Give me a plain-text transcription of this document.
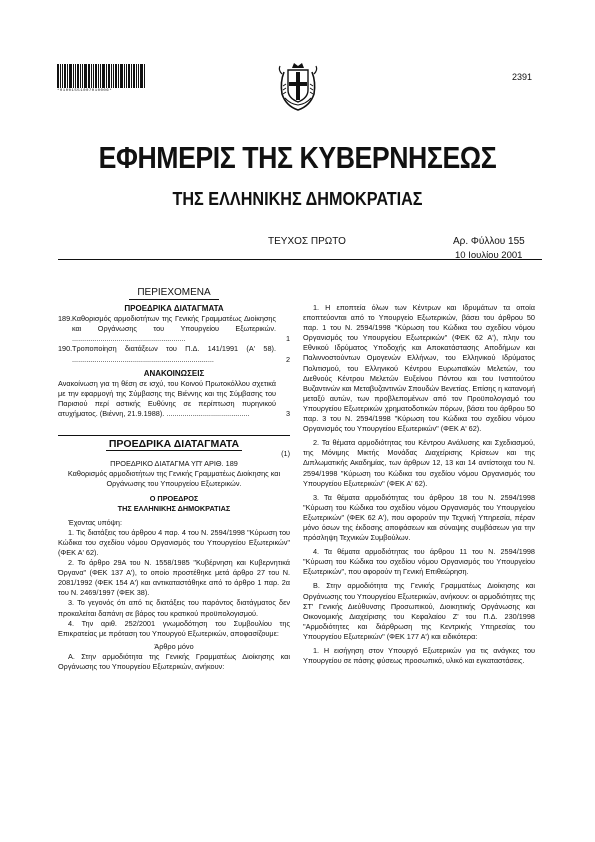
*01001551007010006*
2391
ΕΦΗΜΕΡΙΣ ΤΗΣ ΚΥΒΕΡΝΗΣΕΩΣ
ΤΗΣ ΕΛΛΗΝΙΚΗΣ ΔΗΜΟΚΡΑΤΙΑΣ
ΤΕΥΧΟΣ ΠΡΩΤΟ	Αρ. Φύλλου 155
10 Ιουλίου 2001
ΠΕΡΙΕΧΟΜΕΝΑ
ΠΡΟΕΔΡΙΚΑ ΔΙΑΤΑΓΜΑΤΑ
189. Καθορισμός αρμοδιοτήτων της Γενικής Γραμματέως Διοίκησης και Οργάνωσης του Υπουργείου Εξωτερικών. ........................................................	1
190. Τροποποίηση διατάξεων του Π.Δ. 141/1991 (Α' 58). ......................................................................	2
ΑΝΑΚΟΙΝΩΣΕΙΣ
Ανακοίνωση για τη θέση σε ισχύ, του Κοινού Πρωτοκόλλου σχετικά με την εφαρμογή της Σύμβασης της Βιέννης και της Σύμβασης του Παρισιού περί αστικής Ευθύνης σε περίπτωση πυρηνικού ατυχήματος. (Βιέννη, 21.9.1988). .........................................	3
ΠΡΟΕΔΡΙΚΑ ΔΙΑΤΑΓΜΑΤΑ
(1)
ΠΡΟΕΔΡΙΚΟ ΔΙΑΤΑΓΜΑ ΥΠ' ΑΡΙΘ. 189

Καθορισμός αρμοδιοτήτων της Γενικής Γραμματέως Διοίκησης και Οργάνωσης του Υπουργείου Εξωτερικών.

Ο ΠΡΟΕΔΡΟΣ
ΤΗΣ ΕΛΛΗΝΙΚΗΣ ΔΗΜΟΚΡΑΤΙΑΣ

Έχοντας υπόψη:

1. Τις διατάξεις του άρθρου 4 παρ. 4 του Ν. 2594/1998 "Κύρωση του Κώδικα του σχεδίου νόμου Οργανισμός του Υπουργείου Εξωτερικών" (ΦΕΚ Α' 62).

2. Το άρθρο 29Α του Ν. 1558/1985 "Κυβέρνηση και Κυβερνητικά Όργανα" (ΦΕΚ 137 Α'), το οποίο προστέθηκε μετά άρθρο 27 του Ν. 2081/1992 (ΦΕΚ 154 Α') και αντικαταστάθηκε από το άρθρο 1 παρ. 2α του Ν. 2469/1997 (ΦΕΚ 38).

3. Το γεγονός ότι από τις διατάξεις του παρόντος διατάγματος δεν προκαλείται δαπάνη σε βάρος του κρατικού προϋπολογισμού.

4. Την αριθ. 252/2001 γνωμοδότηση του Συμβουλίου της Επικρατείας με πρόταση του Υπουργού Εξωτερικών, αποφασίζουμε:

Άρθρο μόνο

Α. Στην αρμοδιότητα της Γενικής Γραμματέως Διοίκησης και Οργάνωσης του Υπουργείου Εξωτερικών, ανήκουν:

1. Η εποπτεία όλων των Κέντρων και Ιδρυμάτων τα οποία εποπτεύονται από το Υπουργείο Εξωτερικών, βάσει του άρθρου 50 παρ. 1 του Ν. 2594/1998 "Κύρωση του Κώδικα του σχεδίου νόμου Οργανισμός του Υπουργείου Εξωτερικών" (ΦΕΚ 62 Α'), πλην του Εθνικού Ιδρύματος Υποδοχής και Αποκατάστασης Αποδήμων και Παλιννοστούντων Ομογενών Ελλήνων, του Ελληνικού Ιδρύματος Πολιτισμού, του Ελληνικού Κέντρου Ευρωπαϊκών Μελετών, του Διεθνούς Κέντρου Μελετών Ευξείνου Πόντου και του Ινστιτούτου Βυζαντινών και Μεταβυζαντινών Σπουδών Βενετίας. Επίσης η κατανομή μεταξύ αυτών, των προβλεπομένων από τον Προϋπολογισμό του Υπουργείου Εξωτερικών χρηματοδοτικών πόρων, βάσει του άρθρου 50 παρ. 3 του Ν. 2594/1998 "Κύρωση του Κώδικα του σχεδίου νόμου Οργανισμός του Υπουργείου Εξωτερικών" (ΦΕΚ Α' 62).

2. Τα θέματα αρμοδιότητας του Κέντρου Ανάλυσης και Σχεδιασμού, της Μόνιμης Μικτής Μονάδας Διαχείρισης Κρίσεων και της Διπλωματικής Ακαδημίας, των άρθρων 12, 13 και 14 αντίστοιχα του Ν. 2594/1998 "Κύρωση του Κώδικα του σχεδίου νόμου Οργανισμός του Υπουργείου Εξωτερικών" (ΦΕΚ Α' 62).

3. Τα θέματα αρμοδιότητας του άρθρου 18 του Ν. 2594/1998 "Κύρωση του Κώδικα του σχεδίου νόμου Οργανισμός του Υπουργείου Εξωτερικών" (ΦΕΚ 62 Α'), που αφορούν την Τεχνική Υπηρεσία, πέραν μόνο όσων της έκδοσης αποφάσεων και σύναψης συμβάσεων για την πρόσληψη Τεχνικών Συμβούλων.

4. Τα θέματα αρμοδιότητας του άρθρου 11 του Ν. 2594/1998 "Κύρωση του Κώδικα του σχεδίου νόμου Οργανισμός του Υπουργείου Εξωτερικών", που αφορούν τη Γενική Επιθεώρηση.

Β. Στην αρμοδιότητα της Γενικής Γραμματέως Διοίκησης και Οργάνωσης του Υπουργείου Εξωτερικών, ανήκουν: οι αρμοδιότητες της ΣΤ' Γενικής Διεύθυνσης Προσωπικού, Διοικητικής Οργάνωσης και Οικονομικής Διαχείρισης του Κεφαλαίου Ζ' του Π.Δ. 230/1998 "Αρμοδιότητες και διάρθρωση της Κεντρικής Υπηρεσίας του Υπουργείου Εξωτερικών" (ΦΕΚ 177 Α') και ειδικότερα:

1. Η εισήγηση στον Υπουργό Εξωτερικών για τις ανάγκες του Υπουργείου σε πάσης φύσεως προσωπικό, υλικό και εγκαταστάσεις.
